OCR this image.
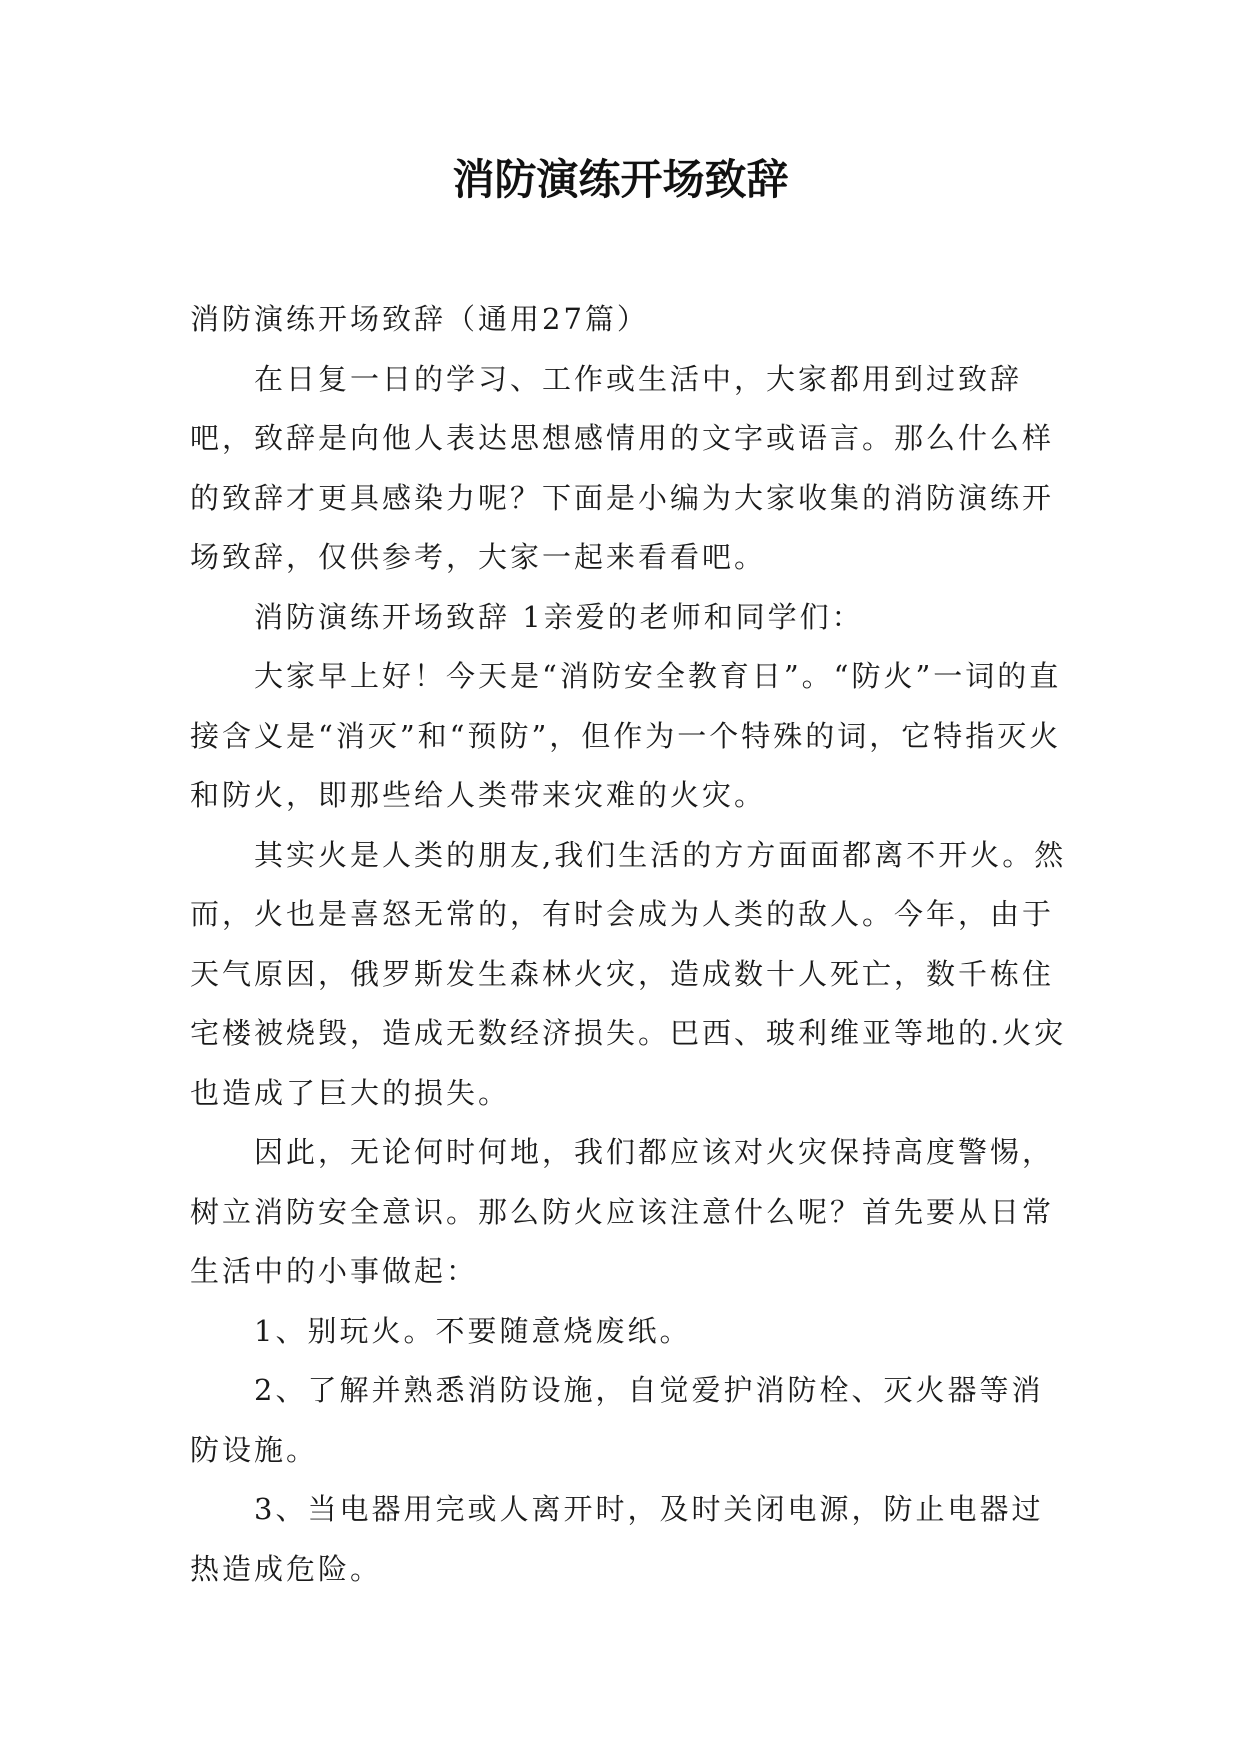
消防演练开场致辞

消防演练开场致辞（通用27篇）

在日复一日的学习、工作或生活中，大家都用到过致辞吧，致辞是向他人表达思想感情用的文字或语言。那么什么样的致辞才更具感染力呢？下面是小编为大家收集的消防演练开场致辞，仅供参考，大家一起来看看吧。

消防演练开场致辞 1亲爱的老师和同学们：

大家早上好！今天是“消防安全教育日”。“防火”一词的直接含义是“消灭”和“预防”，但作为一个特殊的词，它特指灭火和防火，即那些给人类带来灾难的火灾。

其实火是人类的朋友,我们生活的方方面面都离不开火。然而，火也是喜怒无常的，有时会成为人类的敌人。今年，由于天气原因，俄罗斯发生森林火灾，造成数十人死亡，数千栋住宅楼被烧毁，造成无数经济损失。巴西、玻利维亚等地的.火灾也造成了巨大的损失。

因此，无论何时何地，我们都应该对火灾保持高度警惕，树立消防安全意识。那么防火应该注意什么呢？首先要从日常生活中的小事做起：

1、别玩火。不要随意烧废纸。

2、了解并熟悉消防设施，自觉爱护消防栓、灭火器等消防设施。

3、当电器用完或人离开时，及时关闭电源，防止电器过热造成危险。
